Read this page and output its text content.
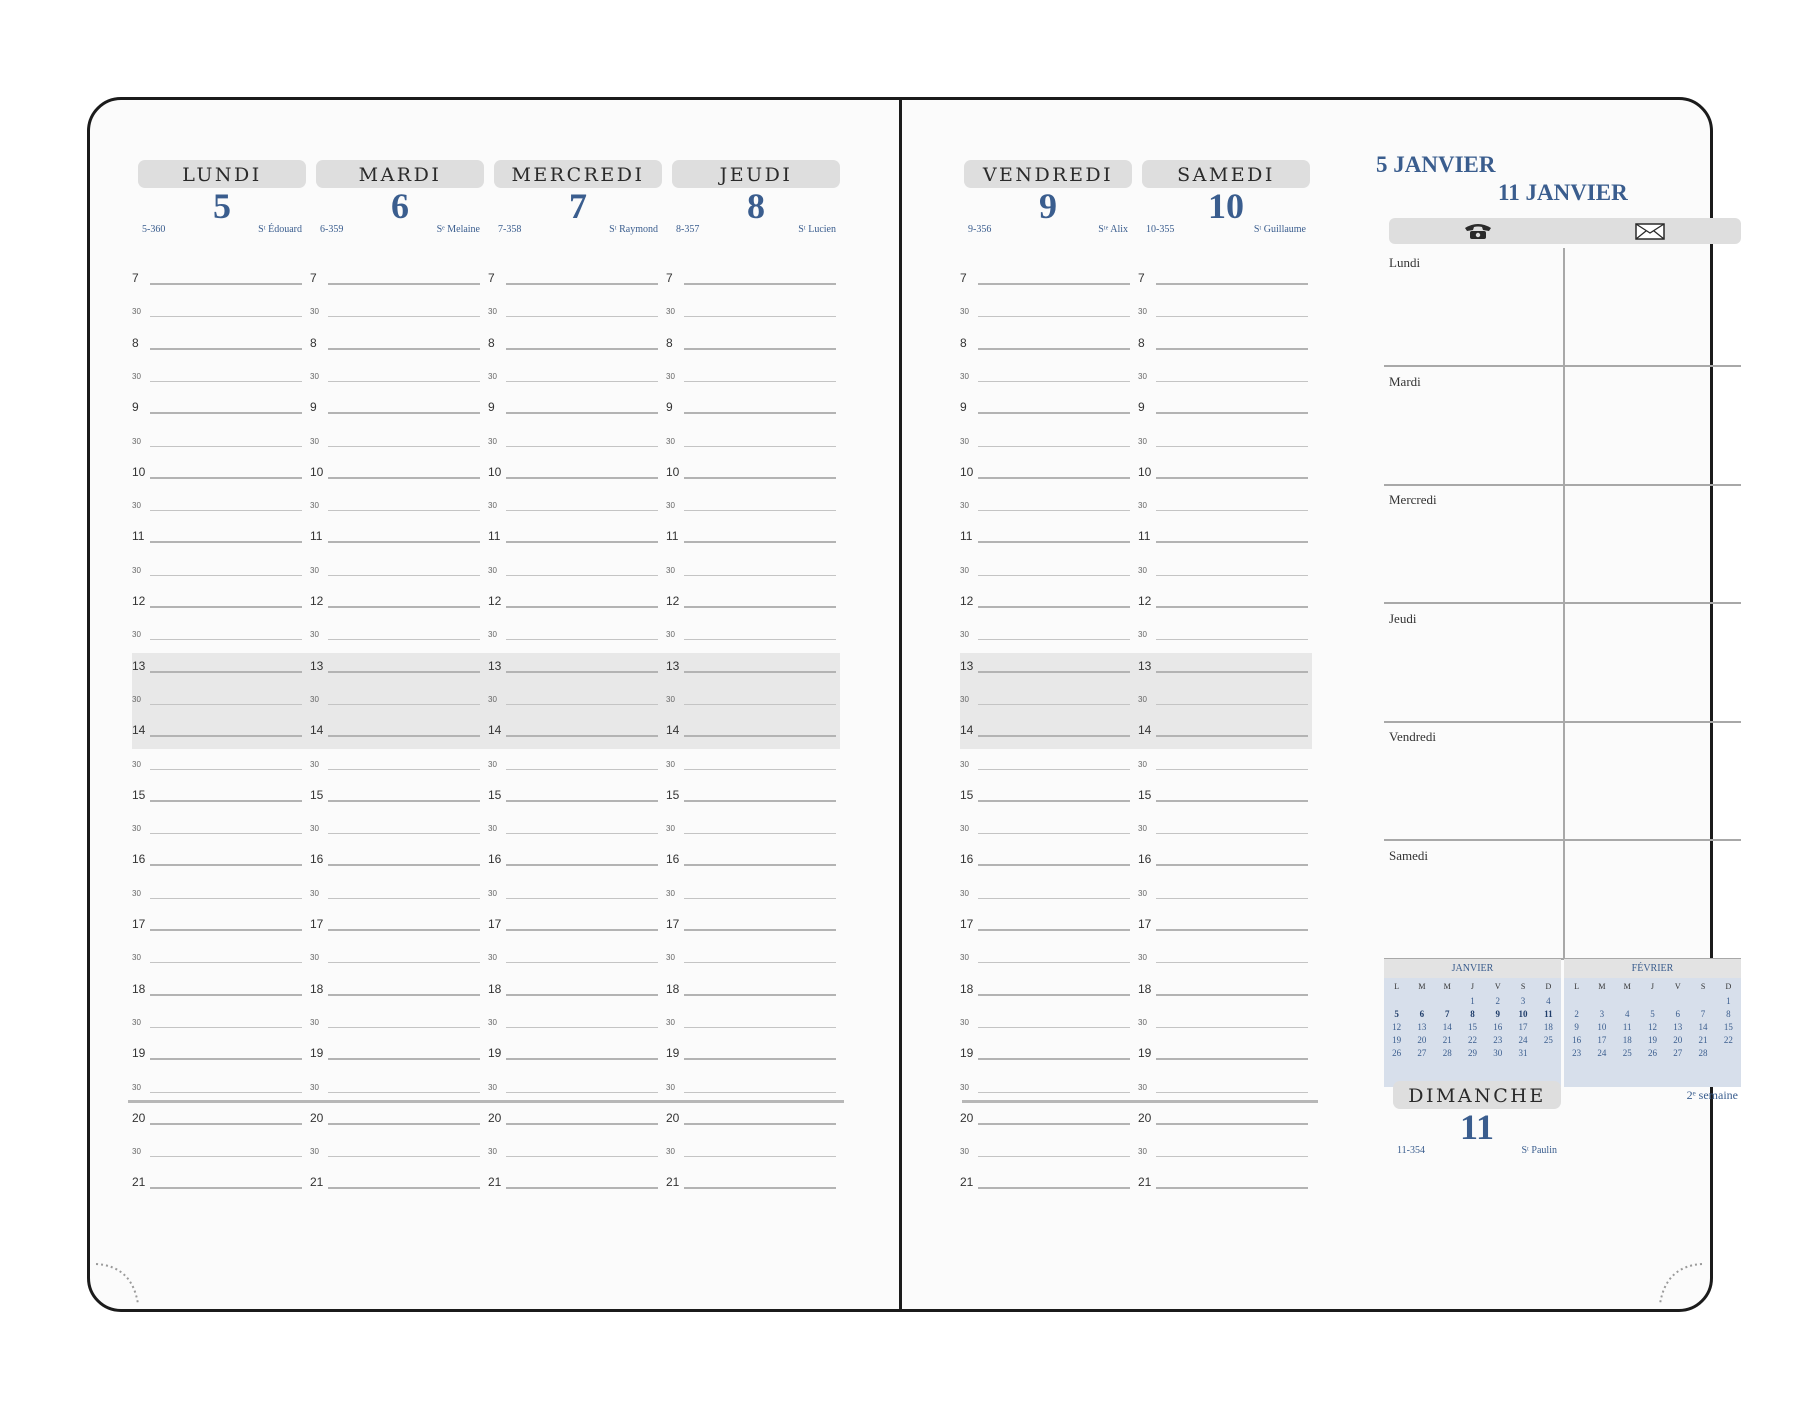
7
30
8
30
9
30
10
30
11
30
12
30
13
30
14
30
15
30
16
30
17
30
18
30
19
30
20
30
21
7
30
8
30
9
30
10
30
11
30
12
30
13
30
14
30
15
30
16
30
17
30
18
30
19
30
20
30
21
7
30
8
30
9
30
10
30
11
30
12
30
13
30
14
30
15
30
16
30
17
30
18
30
19
30
20
30
21
7
30
8
30
9
30
10
30
11
30
12
30
13
30
14
30
15
30
16
30
17
30
18
30
19
30
20
30
21
LUNDI
5
5-360	Sᵗ Édouard
MARDI
6
6-359	Sᵉ Melaine
MERCREDI
7
7-358	Sᵗ Raymond
JEUDI
8
8-357	Sᵗ Lucien
7
30
8
30
9
30
10
30
11
30
12
30
13
30
14
30
15
30
16
30
17
30
18
30
19
30
20
30
21
7
30
8
30
9
30
10
30
11
30
12
30
13
30
14
30
15
30
16
30
17
30
18
30
19
30
20
30
21
VENDREDI
9
9-356	Sᵗᵉ Alix
SAMEDI
10
10-355	Sᵗ Guillaume
5 JANVIER
11 JANVIER
Lundi
Mardi
Mercredi
Jeudi
Vendredi
Samedi
JANVIER
L	M	M	J	V	S	D
			1	2	3	4
5	6	7	8	9	10	11
12	13	14	15	16	17	18
19	20	21	22	23	24	25
26	27	28	29	30	31	
FÉVRIER
L	M	M	J	V	S	D
						1
2	3	4	5	6	7	8
9	10	11	12	13	14	15
16	17	18	19	20	21	22
23	24	25	26	27	28	
2ᵉ semaine
DIMANCHE
11
11-354	Sᵗ Paulin
